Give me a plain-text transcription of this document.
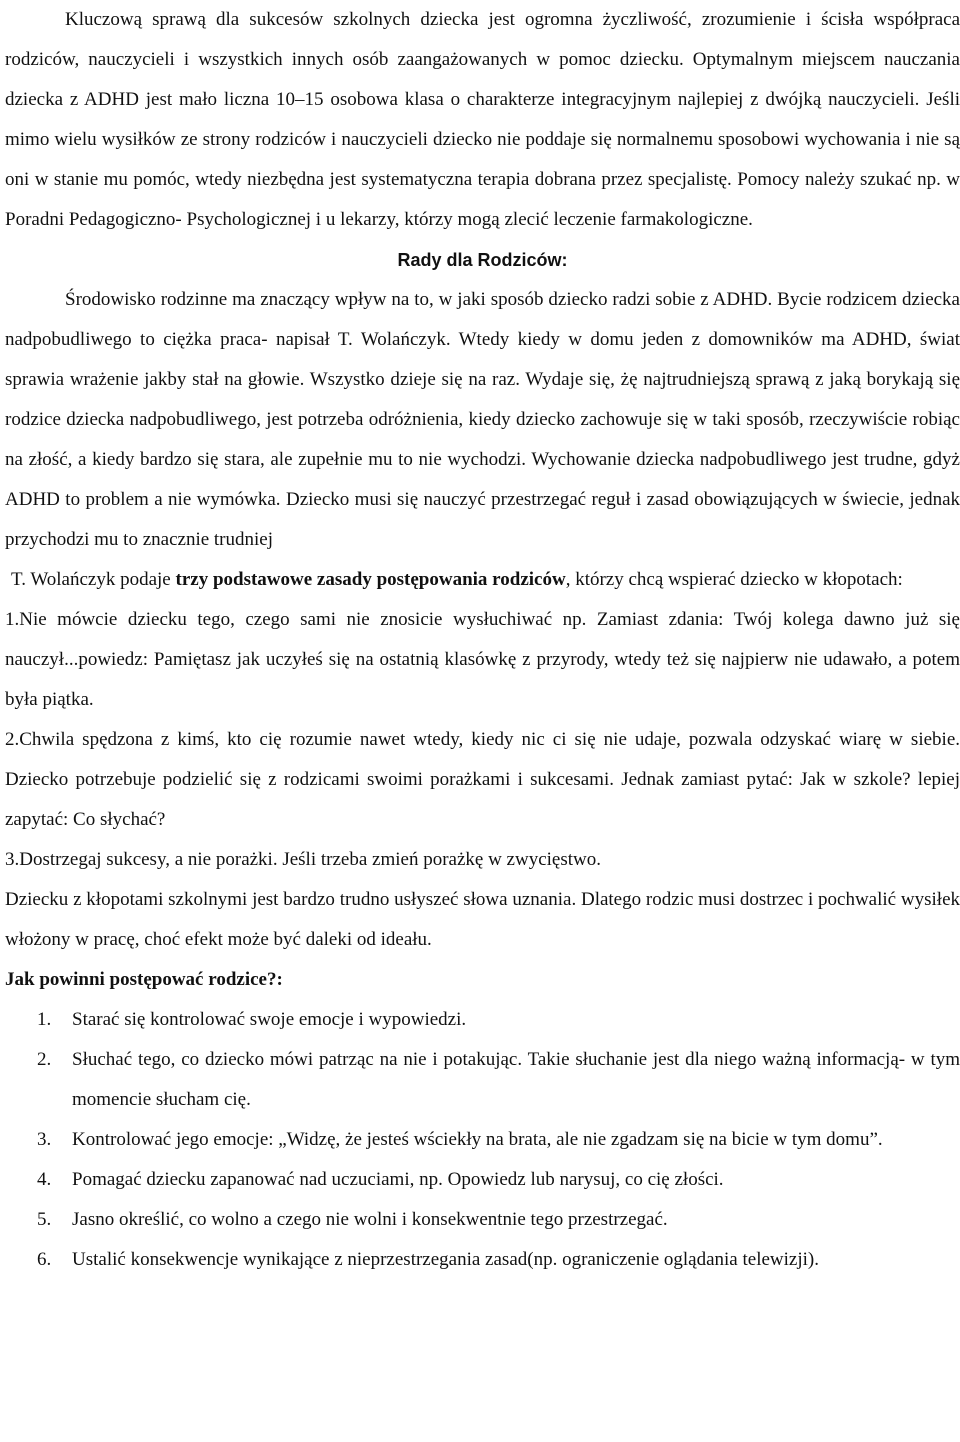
Kluczową sprawą dla sukcesów szkolnych dziecka jest ogromna życzliwość, zrozumienie i ścisła współpraca rodziców, nauczycieli i wszystkich innych osób zaangażowanych w pomoc dziecku. Optymalnym miejscem nauczania dziecka z ADHD jest mało liczna 10–15 osobowa klasa o charakterze integracyjnym najlepiej z dwójką nauczycieli. Jeśli mimo wielu wysiłków ze strony rodziców i nauczycieli dziecko nie poddaje się normalnemu sposobowi wychowania i nie są oni w stanie mu pomóc, wtedy niezbędna jest systematyczna terapia dobrana przez specjalistę. Pomocy należy szukać np. w Poradni Pedagogiczno- Psychologicznej i u lekarzy, którzy mogą zlecić leczenie farmakologiczne.

Rady dla Rodziców:

Środowisko rodzinne ma znaczący wpływ na to, w jaki sposób dziecko radzi sobie z ADHD. Bycie rodzicem dziecka nadpobudliwego to ciężka praca- napisał T. Wolańczyk. Wtedy kiedy w domu jeden z domowników ma ADHD, świat sprawia wrażenie jakby stał na głowie. Wszystko dzieje się na raz. Wydaje się, żę najtrudniejszą sprawą z jaką borykają się rodzice dziecka nadpobudliwego, jest potrzeba odróżnienia, kiedy dziecko zachowuje się w taki sposób, rzeczywiście robiąc na złość, a kiedy bardzo się stara, ale zupełnie mu to nie wychodzi. Wychowanie dziecka nadpobudliwego jest trudne, gdyż ADHD to problem a nie wymówka. Dziecko musi się nauczyć przestrzegać reguł i zasad obowiązujących w świecie, jednak przychodzi mu to znacznie trudniej

T. Wolańczyk podaje trzy podstawowe zasady postępowania rodziców, którzy chcą wspierać dziecko w kłopotach:

1.Nie mówcie dziecku tego, czego sami nie znosicie wysłuchiwać np. Zamiast zdania: Twój kolega dawno już się nauczył...powiedz: Pamiętasz jak uczyłeś się na ostatnią klasówkę z przyrody, wtedy też się najpierw nie udawało, a potem była piątka.

2.Chwila spędzona z kimś, kto cię rozumie nawet wtedy, kiedy nic ci się nie udaje, pozwala odzyskać wiarę w siebie. Dziecko potrzebuje podzielić się z rodzicami swoimi porażkami i sukcesami. Jednak zamiast pytać: Jak w szkole? lepiej zapytać: Co słychać?

3.Dostrzegaj sukcesy, a nie porażki. Jeśli trzeba zmień porażkę w zwycięstwo.

Dziecku z kłopotami szkolnymi jest bardzo trudno usłyszeć słowa uznania. Dlatego rodzic musi dostrzec i pochwalić wysiłek włożony w pracę, choć efekt może być daleki od ideału.

Jak powinni postępować rodzice?:

1. Starać się kontrolować swoje emocje i wypowiedzi.
2. Słuchać tego, co dziecko mówi patrząc na nie i potakując. Takie słuchanie jest dla niego ważną informacją- w tym momencie słucham cię.
3. Kontrolować jego emocje: „Widzę, że jesteś wściekły na brata, ale nie zgadzam się na bicie w tym domu”.
4. Pomagać dziecku zapanować nad uczuciami, np. Opowiedz lub narysuj, co cię złości.
5. Jasno określić, co wolno a czego nie wolni i konsekwentnie tego przestrzegać.
6. Ustalić konsekwencje wynikające z nieprzestrzegania zasad(np. ograniczenie oglądania telewizji).
